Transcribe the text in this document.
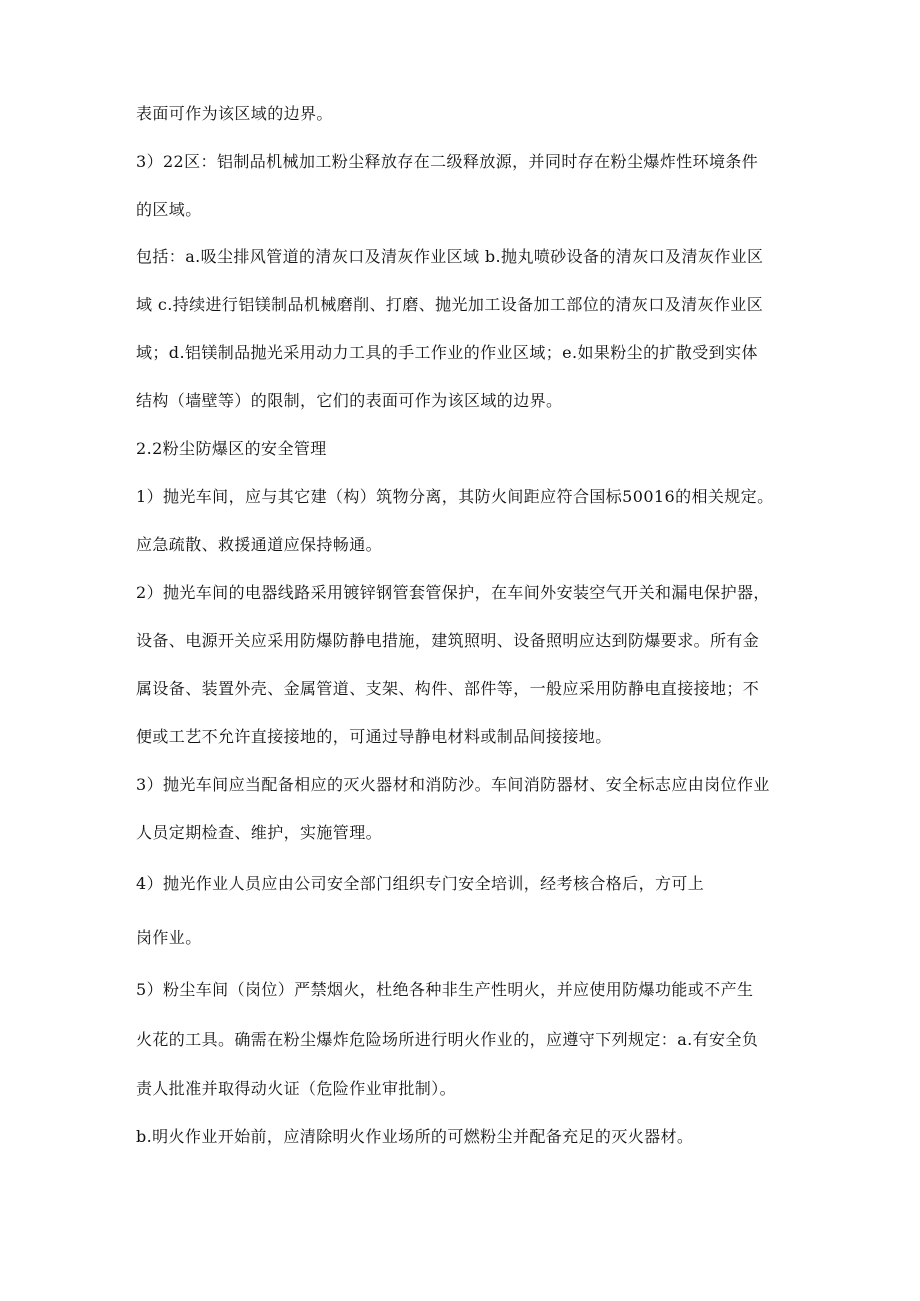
表面可作为该区域的边界。
3）22区：铝制品机械加工粉尘释放存在二级释放源，并同时存在粉尘爆炸性环境条件
的区域。
包括：a.吸尘排风管道的清灰口及清灰作业区域 b.抛丸喷砂设备的清灰口及清灰作业区
域 c.持续进行铝镁制品机械磨削、打磨、抛光加工设备加工部位的清灰口及清灰作业区
域；d.铝镁制品抛光采用动力工具的手工作业的作业区域；e.如果粉尘的扩散受到实体
结构（墙壁等）的限制，它们的表面可作为该区域的边界。
2.2粉尘防爆区的安全管理
1）抛光车间，应与其它建（构）筑物分离，其防火间距应符合国标50016的相关规定。
应急疏散、救援通道应保持畅通。
2）抛光车间的电器线路采用镀锌钢管套管保护，在车间外安装空气开关和漏电保护器，
设备、电源开关应采用防爆防静电措施，建筑照明、设备照明应达到防爆要求。所有金
属设备、装置外壳、金属管道、支架、构件、部件等，一般应采用防静电直接接地；不
便或工艺不允许直接接地的，可通过导静电材料或制品间接接地。
3）抛光车间应当配备相应的灭火器材和消防沙。车间消防器材、安全标志应由岗位作业
人员定期检查、维护，实施管理。
4）抛光作业人员应由公司安全部门组织专门安全培训，经考核合格后，方可上
岗作业。
5）粉尘车间（岗位）严禁烟火，杜绝各种非生产性明火，并应使用防爆功能或不产生
火花的工具。确需在粉尘爆炸危险场所进行明火作业的，应遵守下列规定：a.有安全负
责人批准并取得动火证（危险作业审批制）。
b.明火作业开始前，应清除明火作业场所的可燃粉尘并配备充足的灭火器材。
